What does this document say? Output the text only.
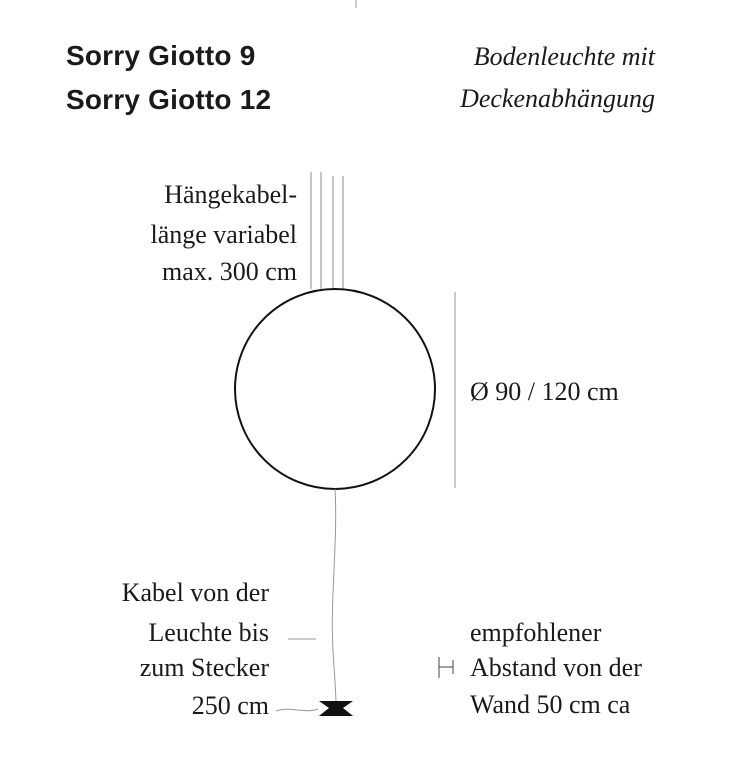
Sorry Giotto 9
Sorry Giotto 12
Bodenleuchte mit
Deckenabhängung
Hängekabel-
länge variabel
max. 300 cm
Ø 90 / 120 cm
Kabel von der
Leuchte bis
zum Stecker
250 cm
empfohlener
Abstand von der
Wand 50 cm ca
